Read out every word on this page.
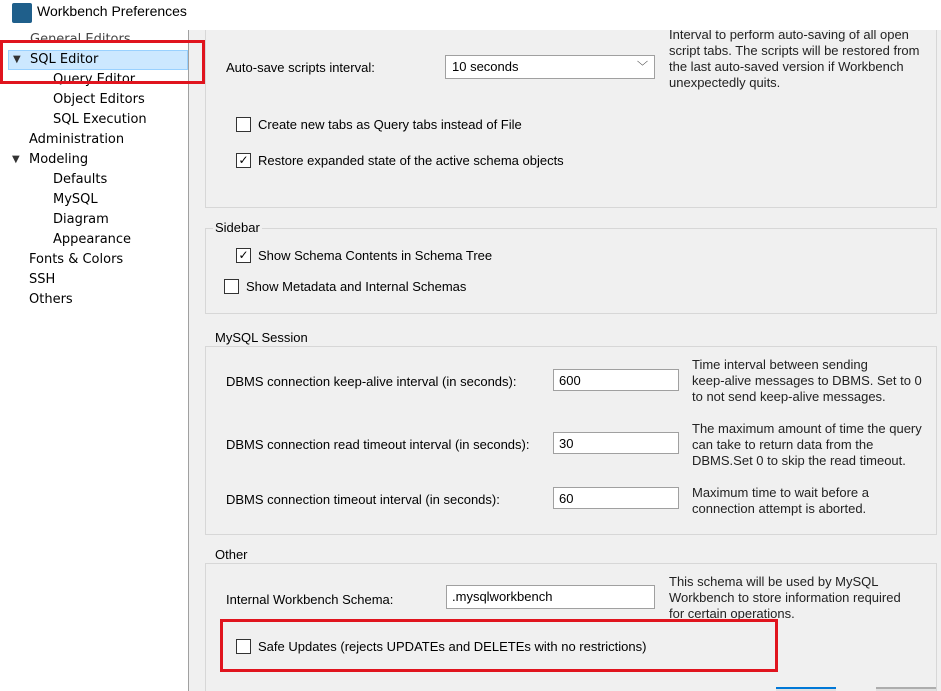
Workbench Preferences
General Editors
▼ SQL Editor
Query Editor
Object Editors
SQL Execution
Administration
▼ Modeling
Defaults
MySQL
Diagram
Appearance
Fonts & Colors
SSH
Others
Auto-save scripts interval:	10 seconds	﹀
Interval to perform auto-saving of all open
script tabs. The scripts will be restored from
the last auto-saved version if Workbench
unexpectedly quits.
Create new tabs as Query tabs instead of File
✓ Restore expanded state of the active schema objects
Sidebar
✓ Show Schema Contents in Schema Tree
Show Metadata and Internal Schemas
MySQL Session
DBMS connection keep-alive interval (in seconds):	600
Time interval between sending
keep-alive messages to DBMS. Set to 0
to not send keep-alive messages.
DBMS connection read timeout interval (in seconds):	30
The maximum amount of time the query
can take to return data from the
DBMS.Set 0 to skip the read timeout.
DBMS connection timeout interval (in seconds):	60	Maximum time to wait before a
connection attempt is aborted.
Other
Internal Workbench Schema:	.mysqlworkbench
This schema will be used by MySQL
Workbench to store information required
for certain operations.
Safe Updates (rejects UPDATEs and DELETEs with no restrictions)
